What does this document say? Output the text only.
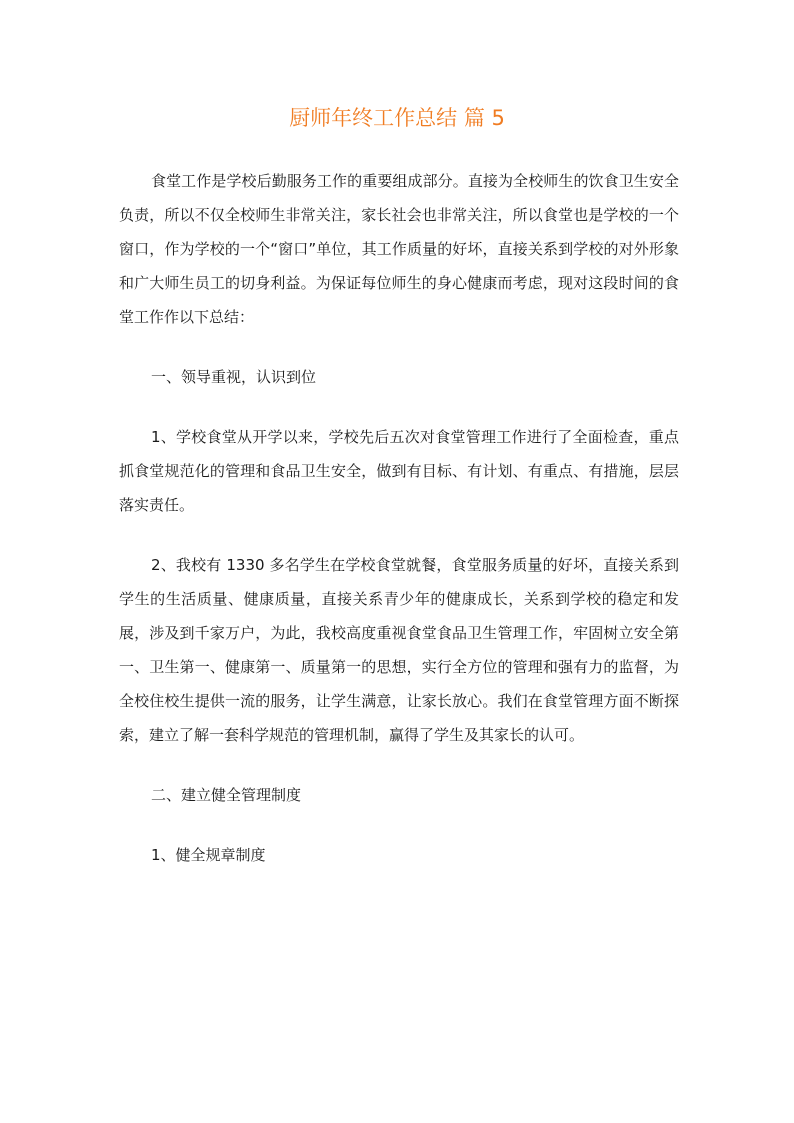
厨师年终工作总结 篇 5

食堂工作是学校后勤服务工作的重要组成部分。直接为全校师生的饮食卫生安全负责，所以不仅全校师生非常关注，家长社会也非常关注，所以食堂也是学校的一个窗口，作为学校的一个“窗口”单位，其工作质量的好坏，直接关系到学校的对外形象和广大师生员工的切身利益。为保证每位师生的身心健康而考虑，现对这段时间的食堂工作作以下总结：

一、领导重视，认识到位

1、学校食堂从开学以来，学校先后五次对食堂管理工作进行了全面检查，重点抓食堂规范化的管理和食品卫生安全，做到有目标、有计划、有重点、有措施，层层落实责任。

2、我校有 1330 多名学生在学校食堂就餐，食堂服务质量的好坏，直接关系到学生的生活质量、健康质量，直接关系青少年的健康成长，关系到学校的稳定和发展，涉及到千家万户，为此，我校高度重视食堂食品卫生管理工作，牢固树立安全第一、卫生第一、健康第一、质量第一的思想，实行全方位的管理和强有力的监督，为全校住校生提供一流的服务，让学生满意，让家长放心。我们在食堂管理方面不断探索，建立了解一套科学规范的管理机制，赢得了学生及其家长的认可。

二、建立健全管理制度

1、健全规章制度
